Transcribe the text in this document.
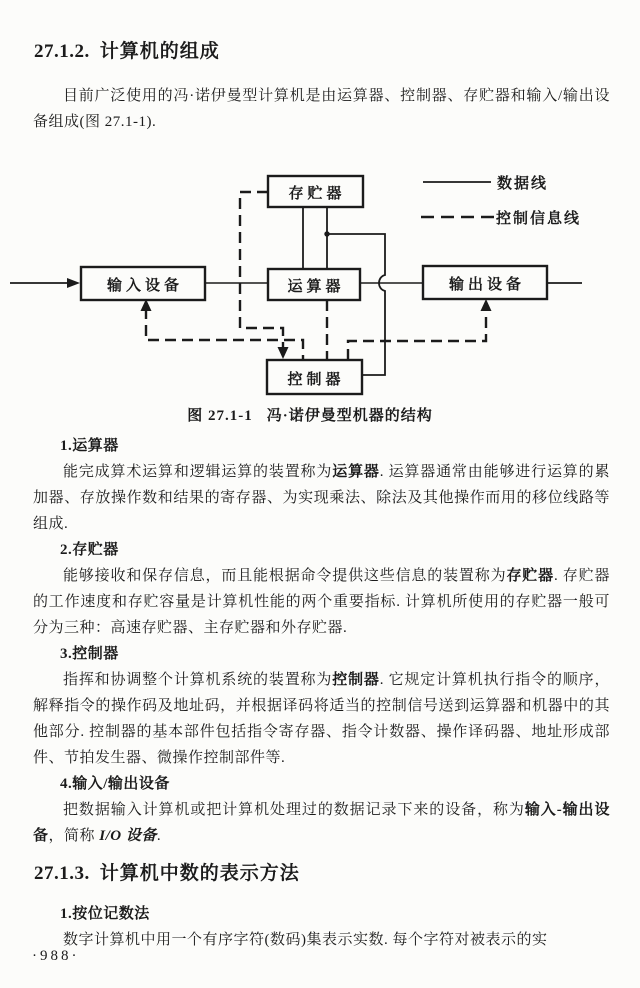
27.1.2. 计算机的组成

目前广泛使用的冯·诺伊曼型计算机是由运算器、控制器、存贮器和输入/输出设备组成(图 27.1-1).

存贮器
输入设备	运算器	输出设备
控制器
数据线
控制信息线
图 27.1-1 冯·诺伊曼型机器的结构

1.运算器

能完成算术运算和逻辑运算的装置称为运算器. 运算器通常由能够进行运算的累加器、存放操作数和结果的寄存器、为实现乘法、除法及其他操作而用的移位线路等组成.

2.存贮器

能够接收和保存信息，而且能根据命令提供这些信息的装置称为存贮器. 存贮器的工作速度和存贮容量是计算机性能的两个重要指标. 计算机所使用的存贮器一般可分为三种：高速存贮器、主存贮器和外存贮器.

3.控制器

指挥和协调整个计算机系统的装置称为控制器. 它规定计算机执行指令的顺序，解释指令的操作码及地址码，并根据译码将适当的控制信号送到运算器和机器中的其他部分. 控制器的基本部件包括指令寄存器、指令计数器、操作译码器、地址形成部件、节拍发生器、微操作控制部件等.

4.输入/输出设备

把数据输入计算机或把计算机处理过的数据记录下来的设备，称为输入-输出设备，简称 I/O 设备.

27.1.3. 计算机中数的表示方法

1.按位记数法

数字计算机中用一个有序字符(数码)集表示实数. 每个字符对被表示的实

·988·
